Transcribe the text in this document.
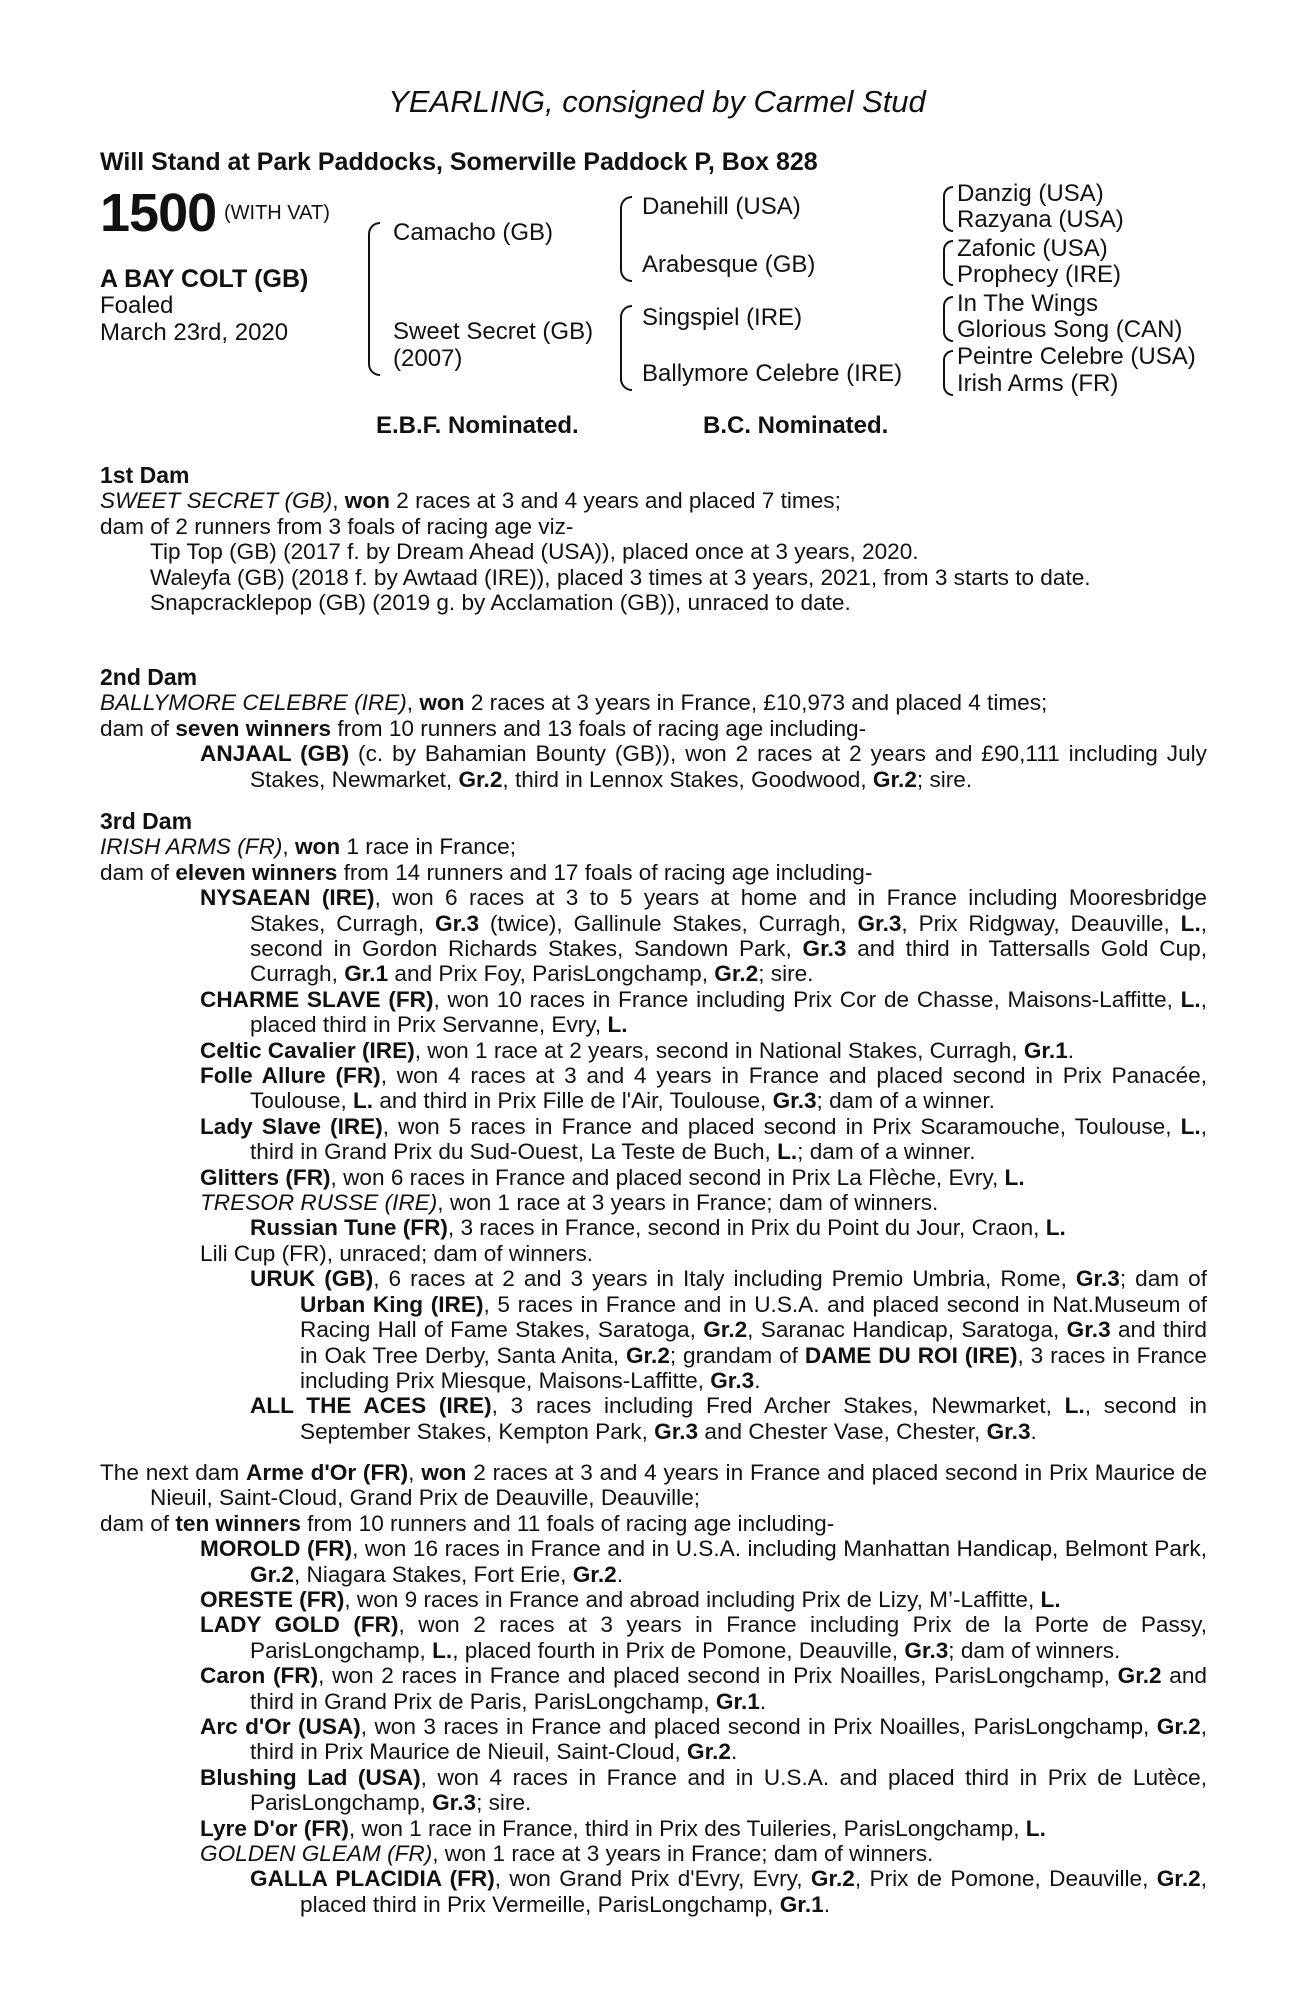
YEARLING, consigned by Carmel Stud
Will Stand at Park Paddocks, Somerville Paddock P, Box 828
1500 (WITH VAT)
A BAY COLT (GB)
Foaled
March 23rd, 2020
Camacho (GB)
Sweet Secret (GB)
(2007)
Danehill (USA)
Arabesque (GB)
Singspiel (IRE)
Ballymore Celebre (IRE)
Danzig (USA)
Razyana (USA)
Zafonic (USA)
Prophecy (IRE)
In The Wings
Glorious Song (CAN)
Peintre Celebre (USA)
Irish Arms (FR)
E.B.F. Nominated.	B.C. Nominated.
1st Dam
SWEET SECRET (GB), won 2 races at 3 and 4 years and placed 7 times;
dam of 2 runners from 3 foals of racing age viz-
Tip Top (GB) (2017 f. by Dream Ahead (USA)), placed once at 3 years, 2020.
Waleyfa (GB) (2018 f. by Awtaad (IRE)), placed 3 times at 3 years, 2021, from 3 starts to date.
Snapcracklepop (GB) (2019 g. by Acclamation (GB)), unraced to date.
2nd Dam
BALLYMORE CELEBRE (IRE), won 2 races at 3 years in France, £10,973 and placed 4 times;
dam of seven winners from 10 runners and 13 foals of racing age including-
ANJAAL (GB) (c. by Bahamian Bounty (GB)), won 2 races at 2 years and £90,111 including July Stakes, Newmarket, Gr.2, third in Lennox Stakes, Goodwood, Gr.2; sire.
3rd Dam
IRISH ARMS (FR), won 1 race in France;
dam of eleven winners from 14 runners and 17 foals of racing age including-
NYSAEAN (IRE), won 6 races at 3 to 5 years at home and in France including Mooresbridge Stakes, Curragh, Gr.3 (twice), Gallinule Stakes, Curragh, Gr.3, Prix Ridgway, Deauville, L., second in Gordon Richards Stakes, Sandown Park, Gr.3 and third in Tattersalls Gold Cup, Curragh, Gr.1 and Prix Foy, ParisLongchamp, Gr.2; sire.
CHARME SLAVE (FR), won 10 races in France including Prix Cor de Chasse, Maisons-Laffitte, L., placed third in Prix Servanne, Evry, L.
Celtic Cavalier (IRE), won 1 race at 2 years, second in National Stakes, Curragh, Gr.1.
Folle Allure (FR), won 4 races at 3 and 4 years in France and placed second in Prix Panacée, Toulouse, L. and third in Prix Fille de l'Air, Toulouse, Gr.3; dam of a winner.
Lady Slave (IRE), won 5 races in France and placed second in Prix Scaramouche, Toulouse, L., third in Grand Prix du Sud-Ouest, La Teste de Buch, L.; dam of a winner.
Glitters (FR), won 6 races in France and placed second in Prix La Flèche, Evry, L.
TRESOR RUSSE (IRE), won 1 race at 3 years in France; dam of winners.
Russian Tune (FR), 3 races in France, second in Prix du Point du Jour, Craon, L.
Lili Cup (FR), unraced; dam of winners.
URUK (GB), 6 races at 2 and 3 years in Italy including Premio Umbria, Rome, Gr.3; dam of Urban King (IRE), 5 races in France and in U.S.A. and placed second in Nat.Museum of Racing Hall of Fame Stakes, Saratoga, Gr.2, Saranac Handicap, Saratoga, Gr.3 and third in Oak Tree Derby, Santa Anita, Gr.2; grandam of DAME DU ROI (IRE), 3 races in France including Prix Miesque, Maisons-Laffitte, Gr.3.
ALL THE ACES (IRE), 3 races including Fred Archer Stakes, Newmarket, L., second in September Stakes, Kempton Park, Gr.3 and Chester Vase, Chester, Gr.3.
The next dam Arme d'Or (FR), won 2 races at 3 and 4 years in France and placed second in Prix Maurice de Nieuil, Saint-Cloud, Grand Prix de Deauville, Deauville;
dam of ten winners from 10 runners and 11 foals of racing age including-
MOROLD (FR), won 16 races in France and in U.S.A. including Manhattan Handicap, Belmont Park, Gr.2, Niagara Stakes, Fort Erie, Gr.2.
ORESTE (FR), won 9 races in France and abroad including Prix de Lizy, M’-Laffitte, L.
LADY GOLD (FR), won 2 races at 3 years in France including Prix de la Porte de Passy, ParisLongchamp, L., placed fourth in Prix de Pomone, Deauville, Gr.3; dam of winners.
Caron (FR), won 2 races in France and placed second in Prix Noailles, ParisLongchamp, Gr.2 and third in Grand Prix de Paris, ParisLongchamp, Gr.1.
Arc d'Or (USA), won 3 races in France and placed second in Prix Noailles, ParisLongchamp, Gr.2, third in Prix Maurice de Nieuil, Saint-Cloud, Gr.2.
Blushing Lad (USA), won 4 races in France and in U.S.A. and placed third in Prix de Lutèce, ParisLongchamp, Gr.3; sire.
Lyre D'or (FR), won 1 race in France, third in Prix des Tuileries, ParisLongchamp, L.
GOLDEN GLEAM (FR), won 1 race at 3 years in France; dam of winners.
GALLA PLACIDIA (FR), won Grand Prix d'Evry, Evry, Gr.2, Prix de Pomone, Deauville, Gr.2, placed third in Prix Vermeille, ParisLongchamp, Gr.1.
